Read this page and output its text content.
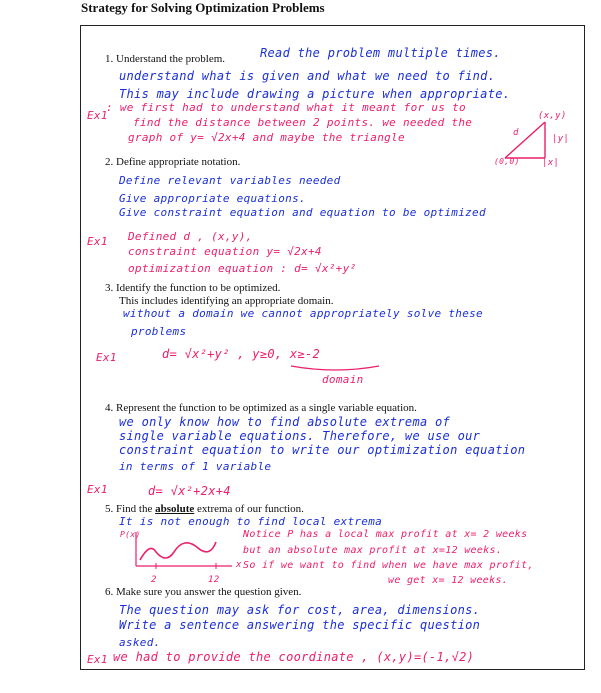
Strategy for Solving Optimization Problems
1. Understand the problem.	Read the problem multiple times.
understand what is given and what we need to find.
This may include drawing a picture when appropriate.
Ex1
: we first had to understand what it meant for us to
find the distance between 2 points. we needed the
graph of y= √2x+4 and maybe the triangle
(x,y)
d
|y|
|x|
(0,0)
2. Define appropriate notation.
Define relevant variables needed
Give appropriate equations.
Give constraint equation and equation to be optimized
Ex1 Defined d , (x,y),
constraint equation y= √2x+4
optimization equation : d= √x²+y²
3. Identify the function to be optimized.
This includes identifying an appropriate domain.
without a domain we cannot appropriately solve these
problems
Ex1	d= √x²+y² , y≥0, x≥-2
domain
4. Represent the function to be optimized as a single variable equation.
we only know how to find absolute extrema of
single variable equations. Therefore, we use our
constraint equation to write our optimization equation
in terms of 1 variable
Ex1	d= √x²+2x+4
5. Find the absolute extrema of our function.
It is not enough to find local extrema
P(x)
x
2	12
Notice P has a local max profit at x= 2 weeks
but an absolute max profit at x=12 weeks.
So if we want to find when we have max profit,
we get x= 12 weeks.
6. Make sure you answer the question given.
The question may ask for cost, area, dimensions.
Write a sentence answering the specific question
asked.
Ex1 we had to provide the coordinate , (x,y)=(-1,√2)
